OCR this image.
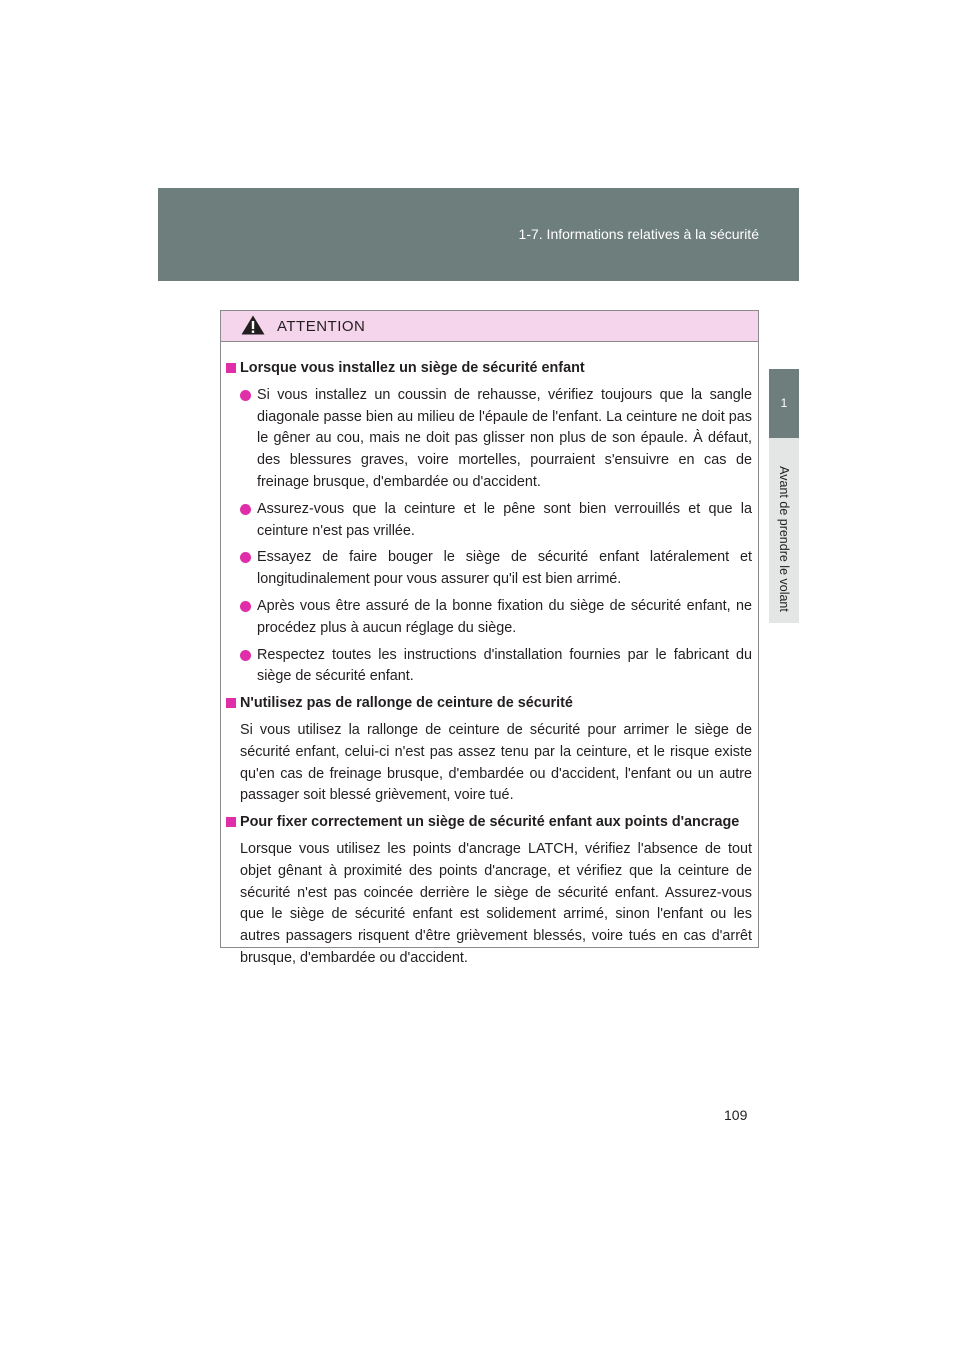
1-7. Informations relatives à la sécurité
1
Avant de prendre le volant
ATTENTION
Lorsque vous installez un siège de sécurité enfant
Si vous installez un coussin de rehausse, vérifiez toujours que la sangle diagonale passe bien au milieu de l'épaule de l'enfant. La ceinture ne doit pas le gêner au cou, mais ne doit pas glisser non plus de son épaule. À défaut, des blessures graves, voire mortelles, pourraient s'ensuivre en cas de freinage brusque, d'embardée ou d'accident.
Assurez-vous que la ceinture et le pêne sont bien verrouillés et que la ceinture n'est pas vrillée.
Essayez de faire bouger le siège de sécurité enfant latéralement et longitudinalement pour vous assurer qu'il est bien arrimé.
Après vous être assuré de la bonne fixation du siège de sécurité enfant, ne procédez plus à aucun réglage du siège.
Respectez toutes les instructions d'installation fournies par le fabricant du siège de sécurité enfant.
N'utilisez pas de rallonge de ceinture de sécurité
Si vous utilisez la rallonge de ceinture de sécurité pour arrimer le siège de sécurité enfant, celui-ci n'est pas assez tenu par la ceinture, et le risque existe qu'en cas de freinage brusque, d'embardée ou d'accident, l'enfant ou un autre passager soit blessé grièvement, voire tué.
Pour fixer correctement un siège de sécurité enfant aux points d'ancrage
Lorsque vous utilisez les points d'ancrage LATCH, vérifiez l'absence de tout objet gênant à proximité des points d'ancrage, et vérifiez que la ceinture de sécurité n'est pas coincée derrière le siège de sécurité enfant. Assurez-vous que le siège de sécurité enfant est solidement arrimé, sinon l'enfant ou les autres passagers risquent d'être grièvement blessés, voire tués en cas d'arrêt brusque, d'embardée ou d'accident.
109
